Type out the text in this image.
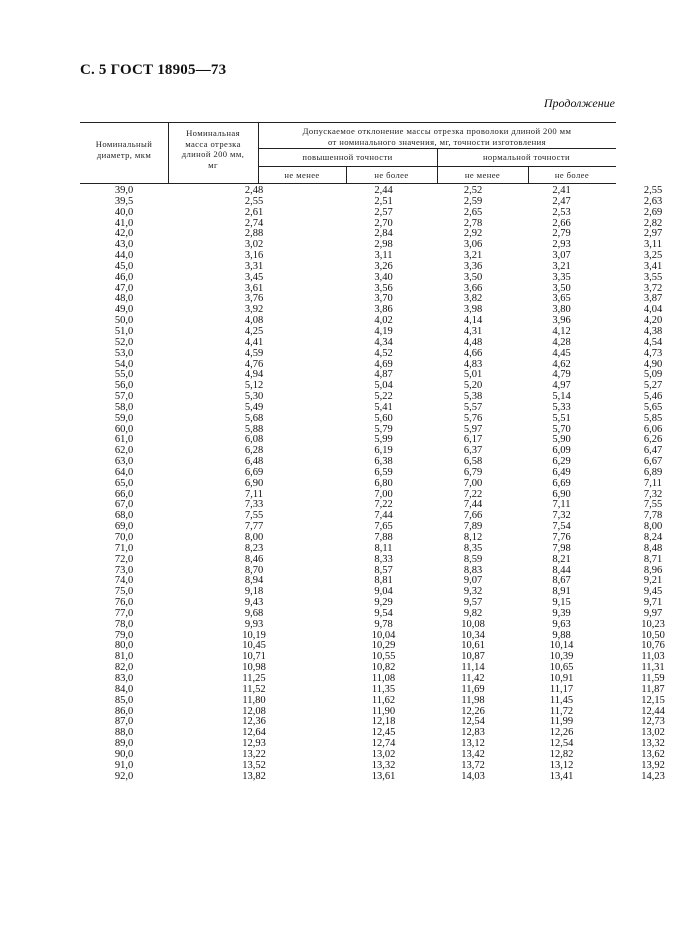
С. 5 ГОСТ 18905—73
Продолжение
Номинальный
диаметр, мкм
Номинальная
масса отрезка
длиной 200 мм,
мг
Допускаемое отклонение массы отрезка проволоки длиной 200 мм
от номинального значения, мг, точности изготовления
повышенной точности	нормальной точности
не менее	не более	не менее	не более
39,0	2,48	2,44	2,52	2,41	2,55
39,5	2,55	2,51	2,59	2,47	2,63
40,0	2,61	2,57	2,65	2,53	2,69
41,0	2,74	2,70	2,78	2,66	2,82
42,0	2,88	2,84	2,92	2,79	2,97
43,0	3,02	2,98	3,06	2,93	3,11
44,0	3,16	3,11	3,21	3,07	3,25
45,0	3,31	3,26	3,36	3,21	3,41
46,0	3,45	3,40	3,50	3,35	3,55
47,0	3,61	3,56	3,66	3,50	3,72
48,0	3,76	3,70	3,82	3,65	3,87
49,0	3,92	3,86	3,98	3,80	4,04
50,0	4,08	4,02	4,14	3,96	4,20
51,0	4,25	4,19	4,31	4,12	4,38
52,0	4,41	4,34	4,48	4,28	4,54
53,0	4,59	4,52	4,66	4,45	4,73
54,0	4,76	4,69	4,83	4,62	4,90
55,0	4,94	4,87	5,01	4,79	5,09
56,0	5,12	5,04	5,20	4,97	5,27
57,0	5,30	5,22	5,38	5,14	5,46
58,0	5,49	5,41	5,57	5,33	5,65
59,0	5,68	5,60	5,76	5,51	5,85
60,0	5,88	5,79	5,97	5,70	6,06
61,0	6,08	5,99	6,17	5,90	6,26
62,0	6,28	6,19	6,37	6,09	6,47
63,0	6,48	6,38	6,58	6,29	6,67
64,0	6,69	6,59	6,79	6,49	6,89
65,0	6,90	6,80	7,00	6,69	7,11
66,0	7,11	7,00	7,22	6,90	7,32
67,0	7,33	7,22	7,44	7,11	7,55
68,0	7,55	7,44	7,66	7,32	7,78
69,0	7,77	7,65	7,89	7,54	8,00
70,0	8,00	7,88	8,12	7,76	8,24
71,0	8,23	8,11	8,35	7,98	8,48
72,0	8,46	8,33	8,59	8,21	8,71
73,0	8,70	8,57	8,83	8,44	8,96
74,0	8,94	8,81	9,07	8,67	9,21
75,0	9,18	9,04	9,32	8,91	9,45
76,0	9,43	9,29	9,57	9,15	9,71
77,0	9,68	9,54	9,82	9,39	9,97
78,0	9,93	9,78	10,08	9,63	10,23
79,0	10,19	10,04	10,34	9,88	10,50
80,0	10,45	10,29	10,61	10,14	10,76
81,0	10,71	10,55	10,87	10,39	11,03
82,0	10,98	10,82	11,14	10,65	11,31
83,0	11,25	11,08	11,42	10,91	11,59
84,0	11,52	11,35	11,69	11,17	11,87
85,0	11,80	11,62	11,98	11,45	12,15
86,0	12,08	11,90	12,26	11,72	12,44
87,0	12,36	12,18	12,54	11,99	12,73
88,0	12,64	12,45	12,83	12,26	13,02
89,0	12,93	12,74	13,12	12,54	13,32
90,0	13,22	13,02	13,42	12,82	13,62
91,0	13,52	13,32	13,72	13,12	13,92
92,0	13,82	13,61	14,03	13,41	14,23
